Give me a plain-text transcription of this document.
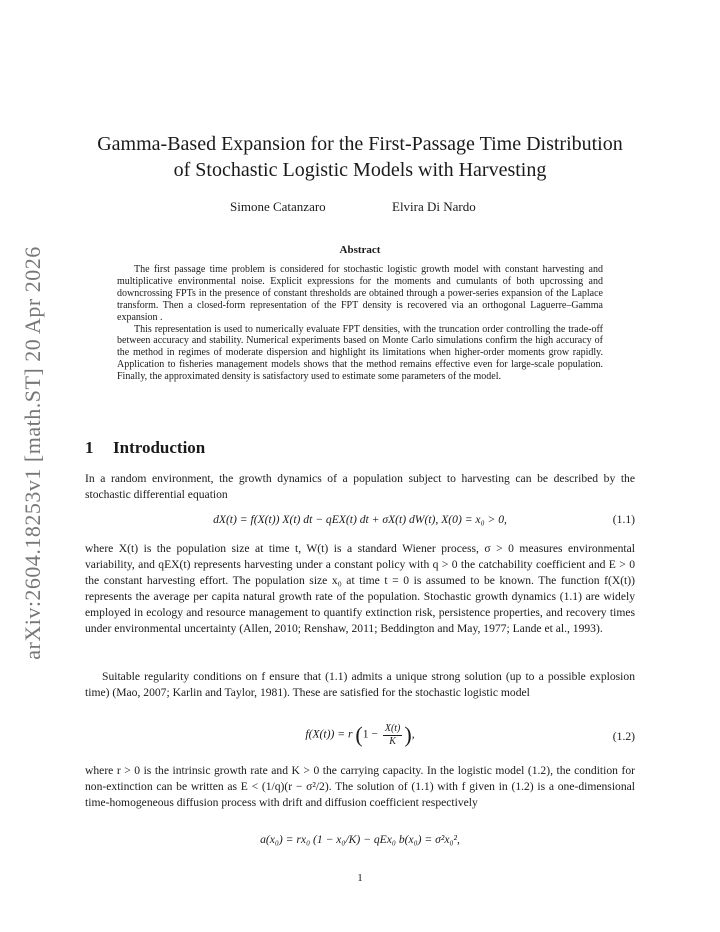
arXiv:2604.18253v1 [math.ST] 20 Apr 2026
Gamma-Based Expansion for the First-Passage Time Distribution
of Stochastic Logistic Models with Harvesting
Simone Catanzaro	Elvira Di Nardo
Abstract

The first passage time problem is considered for stochastic logistic growth model with constant harvesting and multiplicative environmental noise. Explicit expressions for the moments and cumulants of both upcrossing and downcrossing FPTs in the presence of constant thresholds are obtained through a power-series expansion of the Laplace transform. Then a closed-form representation of the FPT density is recovered via an orthogonal Laguerre–Gamma expansion .

This representation is used to numerically evaluate FPT densities, with the truncation order controlling the trade-off between accuracy and stability. Numerical experiments based on Monte Carlo simulations confirm the high accuracy of the method in regimes of moderate dispersion and highlight its limitations when higher-order moments grow rapidly. Application to fisheries management models shows that the method remains effective even for large-scale population. Finally, the approximated density is satisfactory used to estimate some parameters of the model.

1 Introduction

In a random environment, the growth dynamics of a population subject to harvesting can be described by the stochastic differential equation

dX(t) = f(X(t)) X(t) dt − qEX(t) dt + σX(t) dW(t), X(0) = x₀ > 0,	(1.1)

where X(t) is the population size at time t, W(t) is a standard Wiener process, σ > 0 measures environmental variability, and qEX(t) represents harvesting under a constant policy with q > 0 the catchability coefficient and E > 0 the constant harvesting effort. The population size x₀ at time t = 0 is assumed to be known. The function f(X(t)) represents the average per capita natural growth rate of the population. Stochastic growth dynamics (1.1) are widely employed in ecology and resource management to quantify extinction risk, persistence properties, and recovery times under environmental uncertainty (Allen, 2010; Renshaw, 2011; Beddington and May, 1977; Lande et al., 1993).

Suitable regularity conditions on f ensure that (1.1) admits a unique strong solution (up to a possible explosion time) (Mao, 2007; Karlin and Taylor, 1981). These are satisfied for the stochastic logistic model

f(X(t)) = r ($1 - \frac{X(t)}{K}$ ),	(1.2)

where r > 0 is the intrinsic growth rate and K > 0 the carrying capacity. In the logistic model (1.2), the condition for non-extinction can be written as E < (1/q)(r − σ²/2). The solution of (1.1) with f given in (1.2) is a one-dimensional time-homogeneous diffusion process with drift and diffusion coefficient respectively

a(x₀) = rx₀ (1 − x₀/K) − qEx₀ b(x₀) = σ²x₀²,
1
